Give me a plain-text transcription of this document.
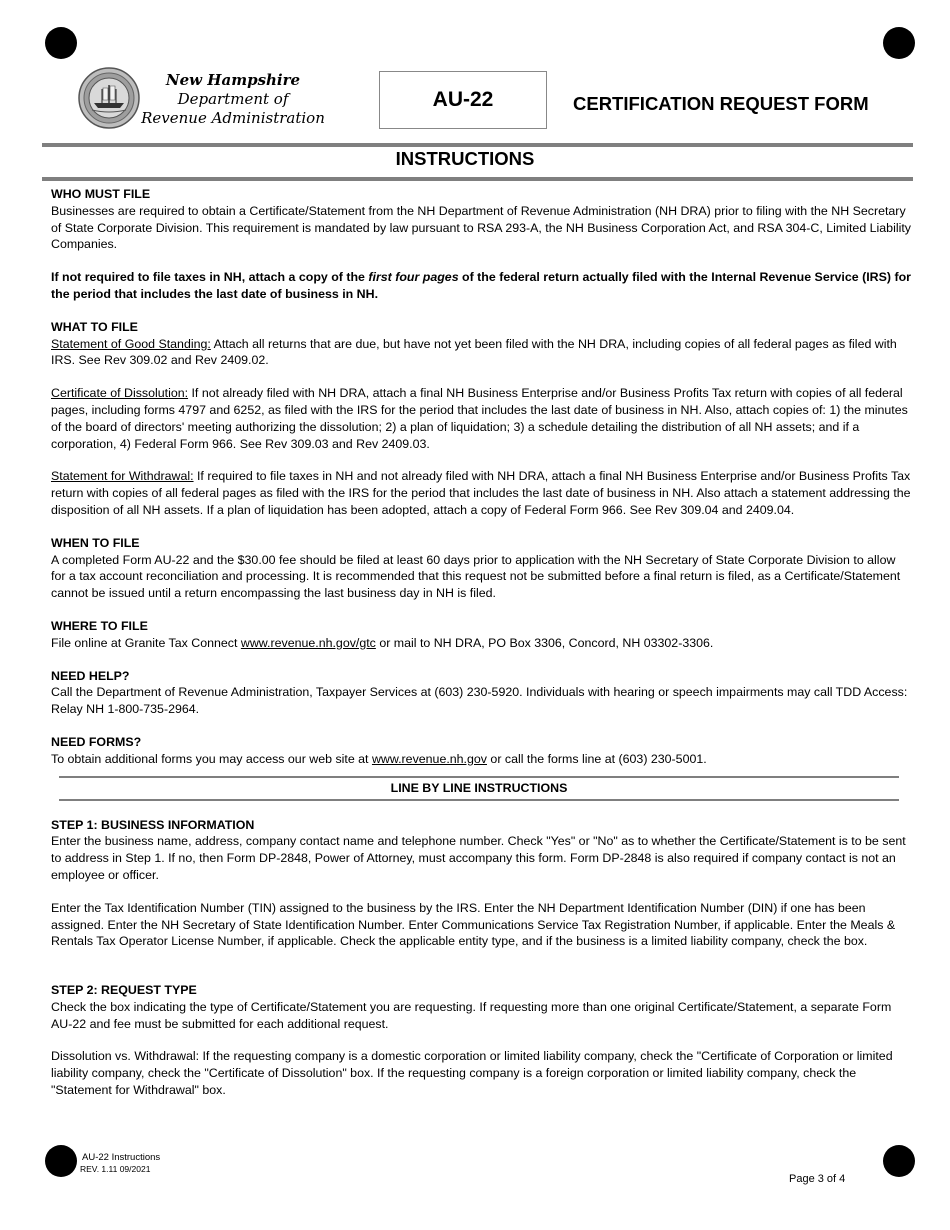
New Hampshire
Department of
Revenue Administration
AU-22	CERTIFICATION REQUEST FORM
INSTRUCTIONS
WHO MUST FILE

Businesses are required to obtain a Certificate/Statement from the NH Department of Revenue Administration (NH DRA) prior to filing with the NH Secretary of State Corporate Division. This requirement is mandated by law pursuant to RSA 293-A, the NH Business Corporation Act, and RSA 304-C, Limited Liability Companies.

If not required to file taxes in NH, attach a copy of the first four pages of the federal return actually filed with the Internal Revenue Service (IRS) for the period that includes the last date of business in NH.

WHAT TO FILE

Statement of Good Standing: Attach all returns that are due, but have not yet been filed with the NH DRA, including copies of all federal pages as filed with IRS. See Rev 309.02 and Rev 2409.02.

Certificate of Dissolution: If not already filed with NH DRA, attach a final NH Business Enterprise and/or Business Profits Tax return with copies of all federal pages, including forms 4797 and 6252, as filed with the IRS for the period that includes the last date of business in NH. Also, attach copies of: 1) the minutes of the board of directors' meeting authorizing the dissolution; 2) a plan of liquidation; 3) a schedule detailing the distribution of all NH assets; and if a corporation, 4) Federal Form 966. See Rev 309.03 and Rev 2409.03.

Statement for Withdrawal: If required to file taxes in NH and not already filed with NH DRA, attach a final NH Business Enterprise and/or Business Profits Tax return with copies of all federal pages as filed with the IRS for the period that includes the last date of business in NH. Also attach a statement addressing the disposition of all NH assets. If a plan of liquidation has been adopted, attach a copy of Federal Form 966. See Rev 309.04 and 2409.04.

WHEN TO FILE

A completed Form AU-22 and the $30.00 fee should be filed at least 60 days prior to application with the NH Secretary of State Corporate Division to allow for a tax account reconciliation and processing. It is recommended that this request not be submitted before a final return is filed, as a Certificate/Statement cannot be issued until a return encompassing the last business day in NH is filed.

WHERE TO FILE

File online at Granite Tax Connect www.revenue.nh.gov/gtc or mail to NH DRA, PO Box 3306, Concord, NH 03302-3306.

NEED HELP?

Call the Department of Revenue Administration, Taxpayer Services at (603) 230-5920. Individuals with hearing or speech impairments may call TDD Access: Relay NH 1-800-735-2964.

NEED FORMS?

To obtain additional forms you may access our web site at www.revenue.nh.gov or call the forms line at (603) 230-5001.

LINE BY LINE INSTRUCTIONS
STEP 1: BUSINESS INFORMATION

Enter the business name, address, company contact name and telephone number. Check "Yes" or "No" as to whether the Certificate/Statement is to be sent to address in Step 1. If no, then Form DP-2848, Power of Attorney, must accompany this form. Form DP-2848 is also required if company contact is not an employee or officer.

Enter the Tax Identification Number (TIN) assigned to the business by the IRS. Enter the NH Department Identification Number (DIN) if one has been assigned. Enter the NH Secretary of State Identification Number. Enter Communications Service Tax Registration Number, if applicable. Enter the Meals & Rentals Tax Operator License Number, if applicable. Check the applicable entity type, and if the business is a limited liability company, check the box.

STEP 2: REQUEST TYPE

Check the box indicating the type of Certificate/Statement you are requesting. If requesting more than one original Certificate/Statement, a separate Form AU-22 and fee must be submitted for each additional request.

Dissolution vs. Withdrawal: If the requesting company is a domestic corporation or limited liability company, check the "Certificate of Corporation or limited liability company, check the "Certificate of Dissolution" box. If the requesting company is a foreign corporation or limited liability company, check the "Statement for Withdrawal" box.

AU-22 Instructions
REV. 1.11 09/2021
Page 3 of 4
